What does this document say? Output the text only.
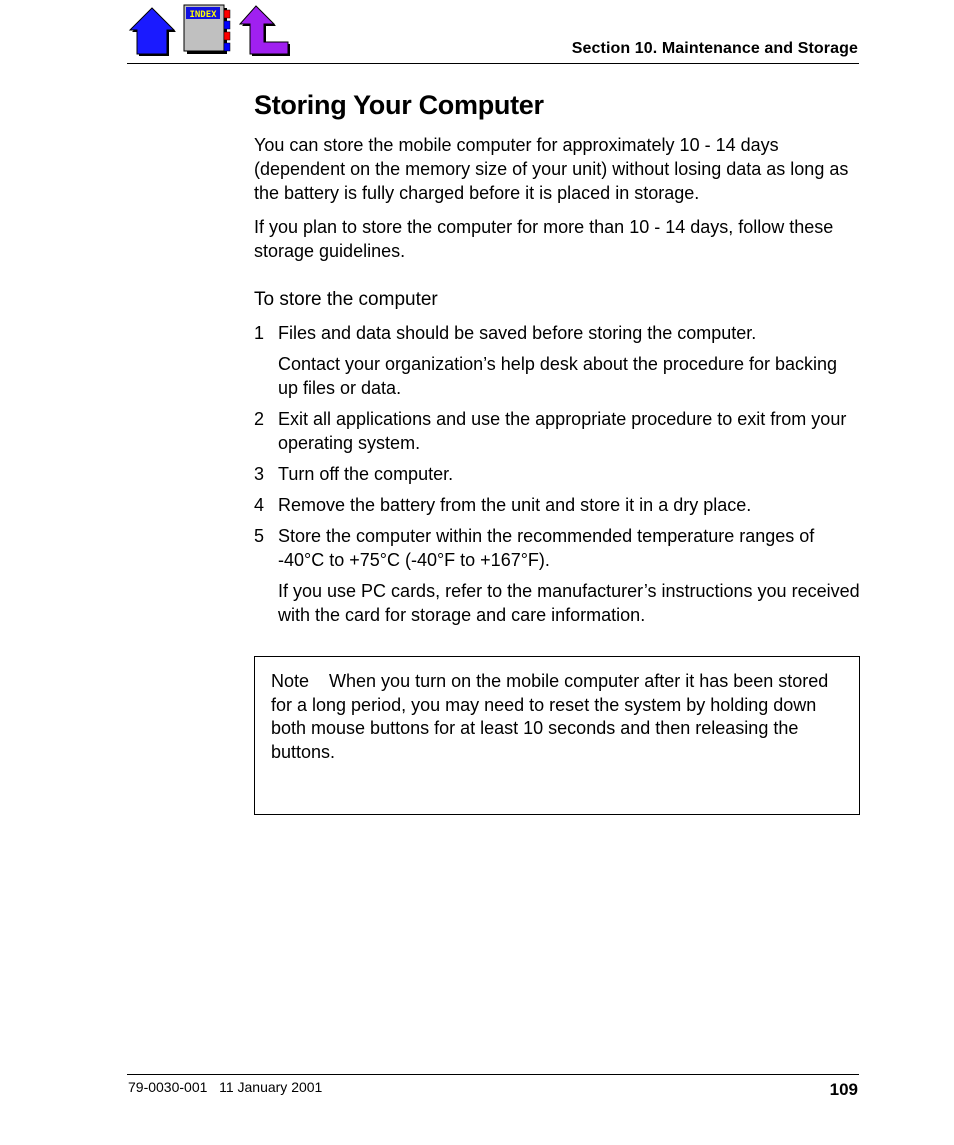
INDEX
Section 10. Maintenance and Storage
Storing Your Computer

You can store the mobile computer for approximately 10 - 14 days (dependent on the memory size of your unit) without losing data as long as the battery is fully charged before it is placed in storage.

If you plan to store the computer for more than 10 - 14 days, follow these storage guidelines.

To store the computer
1 Files and data should be saved before storing the computer.
Contact your organization’s help desk about the procedure for backing up files or data.
2 Exit all applications and use the appropriate procedure to exit from your operating system.
3 Turn off the computer.
4 Remove the battery from the unit and store it in a dry place.
5 Store the computer within the recommended temperature ranges of -40°C to +75°C (-40°F to +167°F).
If you use PC cards, refer to the manufacturer’s instructions you received with the card for storage and care information.
Note When you turn on the mobile computer after it has been stored for a long period, you may need to reset the system by holding down both mouse buttons for at least 10 seconds and then releasing the buttons.
79-0030-001 11 January 2001	109
